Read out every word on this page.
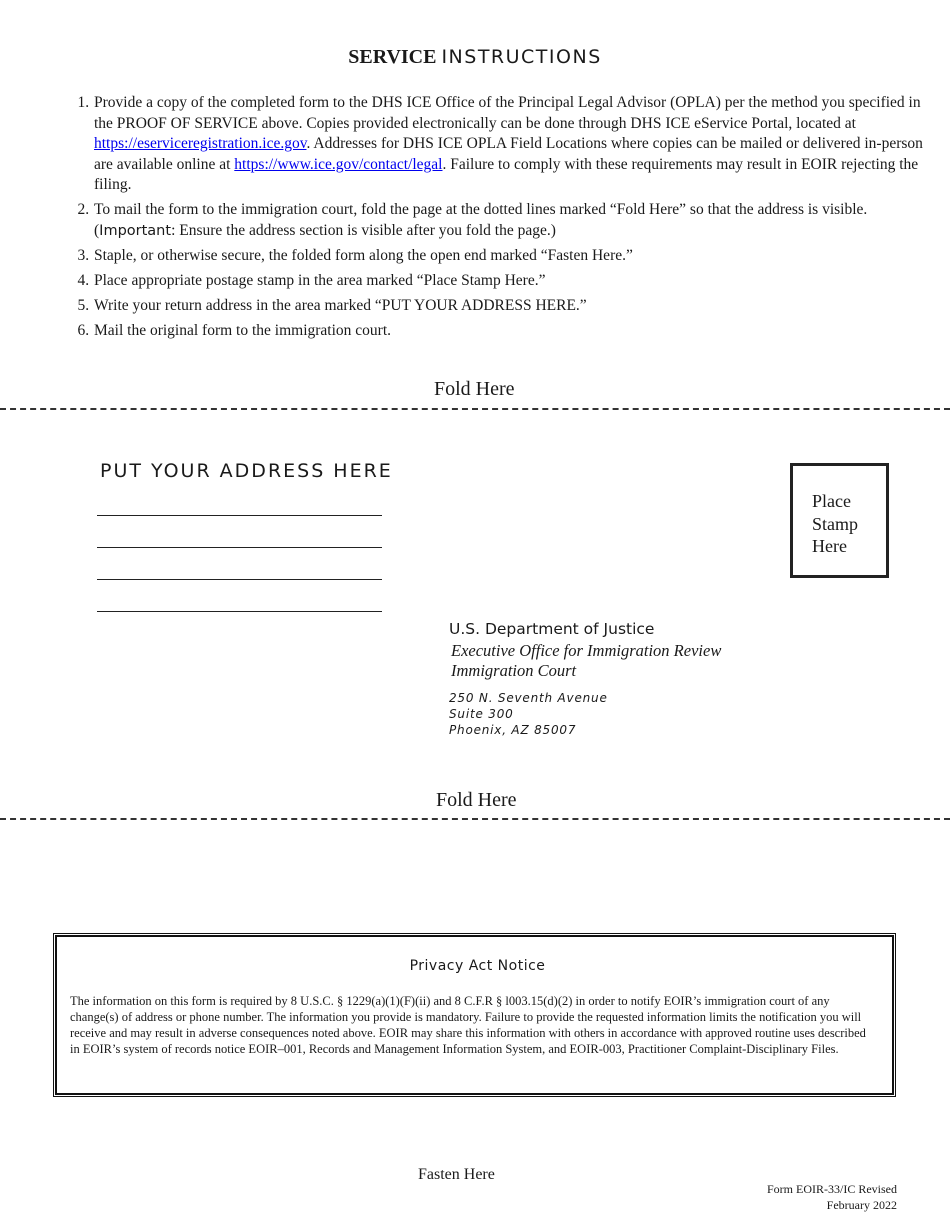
SERVICE INSTRUCTIONS
1. Provide a copy of the completed form to the DHS ICE Office of the Principal Legal Advisor (OPLA) per the method you specified in the PROOF OF SERVICE above. Copies provided electronically can be done through DHS ICE eService Portal, located at https://eserviceregistration.ice.gov. Addresses for DHS ICE OPLA Field Locations where copies can be mailed or delivered in-person are available online at https://www.ice.gov/contact/legal. Failure to comply with these requirements may result in EOIR rejecting the filing.
2. To mail the form to the immigration court, fold the page at the dotted lines marked “Fold Here” so that the address is visible. (Important: Ensure the address section is visible after you fold the page.)
3. Staple, or otherwise secure, the folded form along the open end marked “Fasten Here.”
4. Place appropriate postage stamp in the area marked “Place Stamp Here.”
5. Write your return address in the area marked “PUT YOUR ADDRESS HERE.”
6. Mail the original form to the immigration court.
Fold Here
PUT YOUR ADDRESS HERE
Place
Stamp
Here
U.S. Department of Justice
Executive Office for Immigration Review
Immigration Court
250 N. Seventh Avenue
Suite 300
Phoenix, AZ 85007
Fold Here
Privacy Act Notice
The information on this form is required by 8 U.S.C. § 1229(a)(1)(F)(ii) and 8 C.F.R § l003.15(d)(2) in order to notify EOIR’s immigration court of any change(s) of address or phone number. The information you provide is mandatory. Failure to provide the requested information limits the notification you will receive and may result in adverse consequences noted above. EOIR may share this information with others in accordance with approved routine uses described in EOIR’s system of records notice EOIR–001, Records and Management Information System, and EOIR-003, Practitioner Complaint-Disciplinary Files.
Fasten Here
Form EOIR-33/IC Revised
February 2022
